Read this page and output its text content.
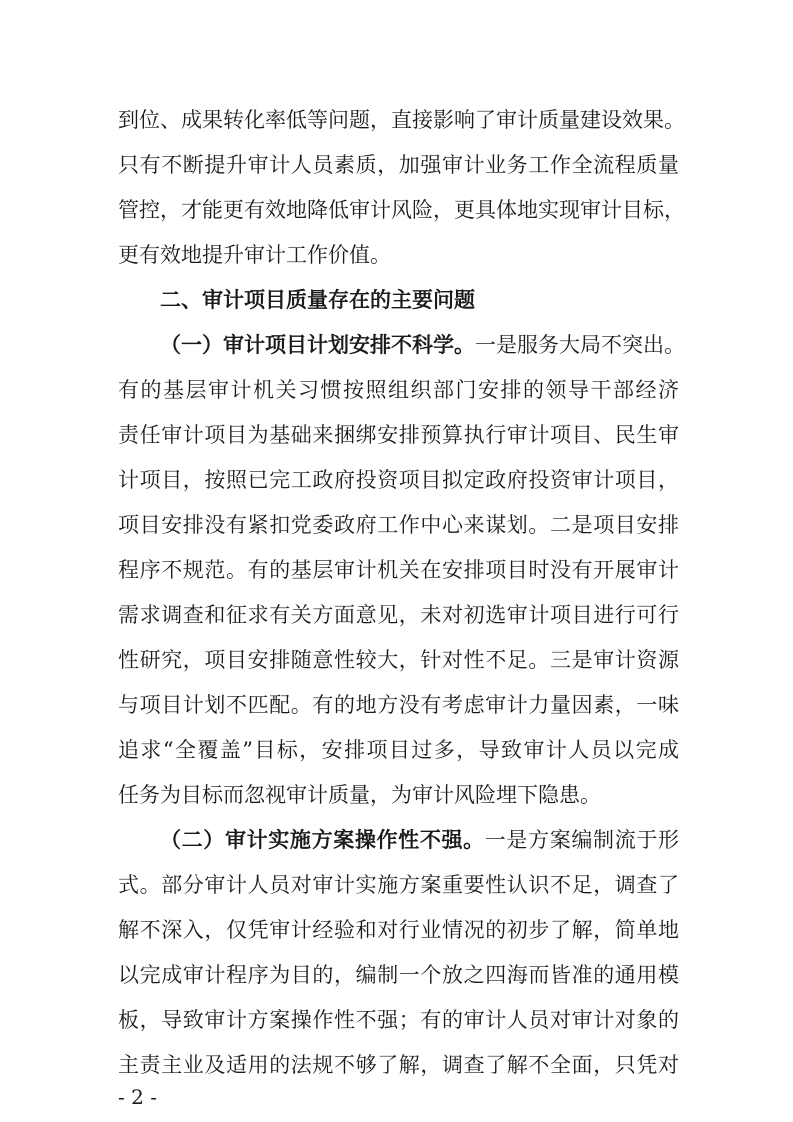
到位、成果转化率低等问题，直接影响了审计质量建设效果。
只有不断提升审计人员素质，加强审计业务工作全流程质量
管控，才能更有效地降低审计风险，更具体地实现审计目标，
更有效地提升审计工作价值。
二、审计项目质量存在的主要问题
（一）审计项目计划安排不科学。一是服务大局不突出。
有的基层审计机关习惯按照组织部门安排的领导干部经济
责任审计项目为基础来捆绑安排预算执行审计项目、民生审
计项目，按照已完工政府投资项目拟定政府投资审计项目，
项目安排没有紧扣党委政府工作中心来谋划。二是项目安排
程序不规范。有的基层审计机关在安排项目时没有开展审计
需求调查和征求有关方面意见，未对初选审计项目进行可行
性研究，项目安排随意性较大，针对性不足。三是审计资源
与项目计划不匹配。有的地方没有考虑审计力量因素，一味
追求“全覆盖”目标，安排项目过多，导致审计人员以完成
任务为目标而忽视审计质量，为审计风险埋下隐患。
（二）审计实施方案操作性不强。一是方案编制流于形
式。部分审计人员对审计实施方案重要性认识不足，调查了
解不深入，仅凭审计经验和对行业情况的初步了解，简单地
以完成审计程序为目的，编制一个放之四海而皆准的通用模
板，导致审计方案操作性不强；有的审计人员对审计对象的
主责主业及适用的法规不够了解，调查了解不全面，只凭对
- 2 -
